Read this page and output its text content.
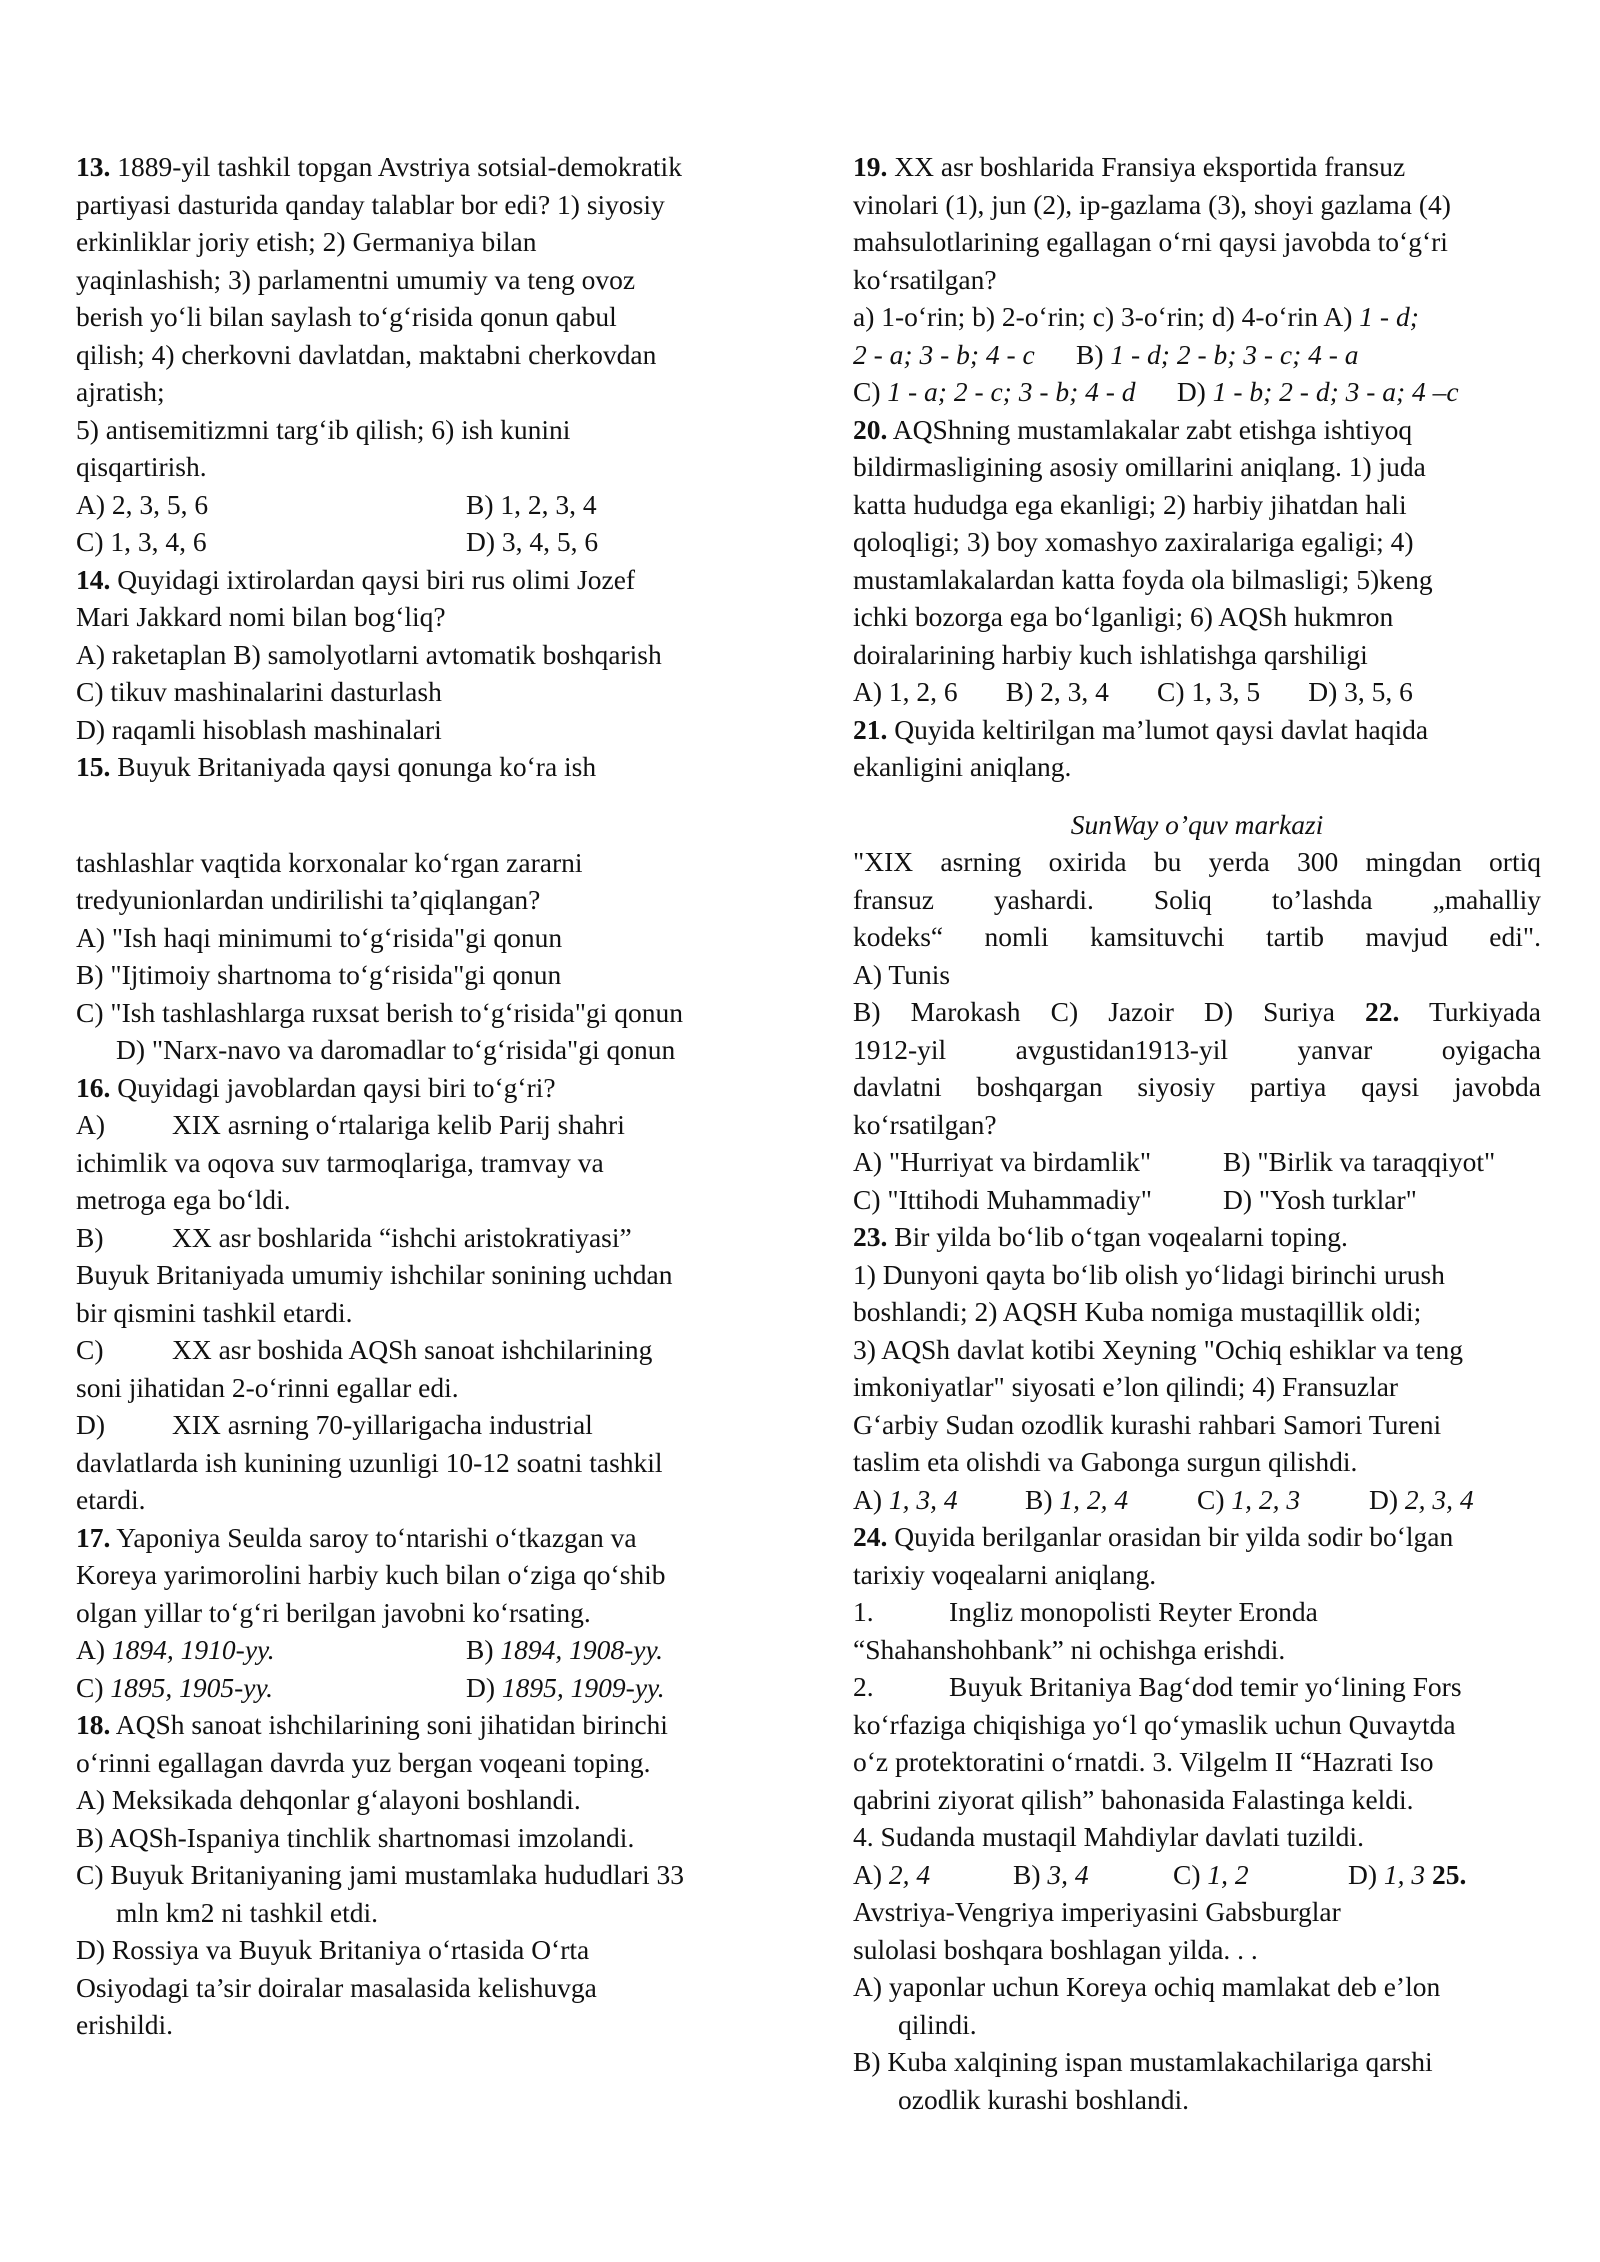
13. 1889-yil tashkil topgan Avstriya sotsial-demokratik
partiyasi dasturida qanday talablar bor edi? 1) siyosiy
erkinliklar joriy etish; 2) Germaniya bilan
yaqinlashish; 3) parlamentni umumiy va teng ovoz
berish yo‘li bilan saylash to‘g‘risida qonun qabul
qilish; 4) cherkovni davlatdan, maktabni cherkovdan
ajratish;
5) antisemitizmni targ‘ib qilish; 6) ish kunini
qisqartirish.
A) 2, 3, 5, 6	B) 1, 2, 3, 4
C) 1, 3, 4, 6	D) 3, 4, 5, 6
14. Quyidagi ixtirolardan qaysi biri rus olimi Jozef
Mari Jakkard nomi bilan bog‘liq?
A) raketaplan B) samolyotlarni avtomatik boshqarish
C) tikuv mashinalarini dasturlash
D) raqamli hisoblash mashinalari
15. Buyuk Britaniyada qaysi qonunga ko‘ra ish
tashlashlar vaqtida korxonalar ko‘rgan zararni
tredyunionlardan undirilishi ta’qiqlangan?
A) "Ish haqi minimumi to‘g‘risida"gi qonun
B) "Ijtimoiy shartnoma to‘g‘risida"gi qonun
C) "Ish tashlashlarga ruxsat berish to‘g‘risida"gi qonun
D) "Narx-navo va daromadlar to‘g‘risida"gi qonun
16. Quyidagi javoblardan qaysi biri to‘g‘ri?
A) XIX asrning o‘rtalariga kelib Parij shahri
ichimlik va oqova suv tarmoqlariga, tramvay va
metroga ega bo‘ldi.
B) XX asr boshlarida “ishchi aristokratiyasi”
Buyuk Britaniyada umumiy ishchilar sonining uchdan
bir qismini tashkil etardi.
C) XX asr boshida AQSh sanoat ishchilarining
soni jihatidan 2-o‘rinni egallar edi.
D) XIX asrning 70-yillarigacha industrial
davlatlarda ish kunining uzunligi 10-12 soatni tashkil
etardi.
17. Yaponiya Seulda saroy to‘ntarishi o‘tkazgan va
Koreya yarimorolini harbiy kuch bilan o‘ziga qo‘shib
olgan yillar to‘g‘ri berilgan javobni ko‘rsating.
A) 1894, 1910-yy.	B) 1894, 1908-yy.
C) 1895, 1905-yy.	D) 1895, 1909-yy.
18. AQSh sanoat ishchilarining soni jihatidan birinchi
o‘rinni egallagan davrda yuz bergan voqeani toping.
A) Meksikada dehqonlar g‘alayoni boshlandi.
B) AQSh-Ispaniya tinchlik shartnomasi imzolandi.
C) Buyuk Britaniyaning jami mustamlaka hududlari 33
mln km2 ni tashkil etdi.
D) Rossiya va Buyuk Britaniya o‘rtasida O‘rta
Osiyodagi ta’sir doiralar masalasida kelishuvga
erishildi.
19. XX asr boshlarida Fransiya eksportida fransuz
vinolari (1), jun (2), ip-gazlama (3), shoyi gazlama (4)
mahsulotlarining egallagan o‘rni qaysi javobda to‘g‘ri
ko‘rsatilgan?
a) 1-o‘rin; b) 2-o‘rin; c) 3-o‘rin; d) 4-o‘rin A) 1 - d;
2 - a; 3 - b; 4 - c      B) 1 - d; 2 - b; 3 - c; 4 - a
C) 1 - a; 2 - c; 3 - b; 4 - d      D) 1 - b; 2 - d; 3 - a; 4 –c
20. AQShning mustamlakalar zabt etishga ishtiyoq
bildirmasligining asosiy omillarini aniqlang. 1) juda
katta hududga ega ekanligi; 2) harbiy jihatdan hali
qoloqligi; 3) boy xomashyo zaxiralariga egaligi; 4)
mustamlakalardan katta foyda ola bilmasligi; 5)keng
ichki bozorga ega bo‘lganligi; 6) AQSh hukmron
doiralarining harbiy kuch ishlatishga qarshiligi
A) 1, 2, 6       B) 2, 3, 4       C) 1, 3, 5       D) 3, 5, 6
21. Quyida keltirilgan ma’lumot qaysi davlat haqida
ekanligini aniqlang.
SunWay o’quv markazi
"XIX asrning oxirida bu yerda 300 mingdan ortiq
fransuz yashardi. Soliq to’lashda „mahalliy
kodeks“ nomli kamsituvchi tartib mavjud edi".
A) Tunis
B) Marokash C) Jazoir D) Suriya 22. Turkiyada
1912-yil avgustidan1913-yil yanvar oyigacha
davlatni boshqargan siyosiy partiya qaysi javobda
ko‘rsatilgan?
A) "Hurriyat va birdamlik"	B) "Birlik va taraqqiyot"
C) "Ittihodi Muhammadiy"	D) "Yosh turklar"
23. Bir yilda bo‘lib o‘tgan voqealarni toping.
1) Dunyoni qayta bo‘lib olish yo‘lidagi birinchi urush
boshlandi; 2) AQSH Kuba nomiga mustaqillik oldi;
3) AQSh davlat kotibi Xeyning "Ochiq eshiklar va teng
imkoniyatlar" siyosati e’lon qilindi; 4) Fransuzlar
G‘arbiy Sudan ozodlik kurashi rahbari Samori Tureni
taslim eta olishdi va Gabonga surgun qilishdi.
A) 1, 3, 4 B) 1, 2, 4	C) 1, 2, 3	D) 2, 3, 4
24. Quyida berilganlar orasidan bir yilda sodir bo‘lgan
tarixiy voqealarni aniqlang.
1.	Ingliz monopolisti Reyter Eronda
“Shahanshohbank” ni ochishga erishdi.
2.	Buyuk Britaniya Bag‘dod temir yo‘lining Fors
ko‘rfaziga chiqishiga yo‘l qo‘ymaslik uchun Quvaytda
o‘z protektoratini o‘rnatdi. 3. Vilgelm II “Hazrati Iso
qabrini ziyorat qilish” bahonasida Falastinga keldi.
4. Sudanda mustaqil Mahdiylar davlati tuzildi.
A) 2, 4	B) 3, 4	C) 1, 2	D) 1, 3 25.
Avstriya-Vengriya imperiyasini Gabsburglar
sulolasi boshqara boshlagan yilda. . .
A) yaponlar uchun Koreya ochiq mamlakat deb e’lon
qilindi.
B) Kuba xalqining ispan mustamlakachilariga qarshi
ozodlik kurashi boshlandi.
